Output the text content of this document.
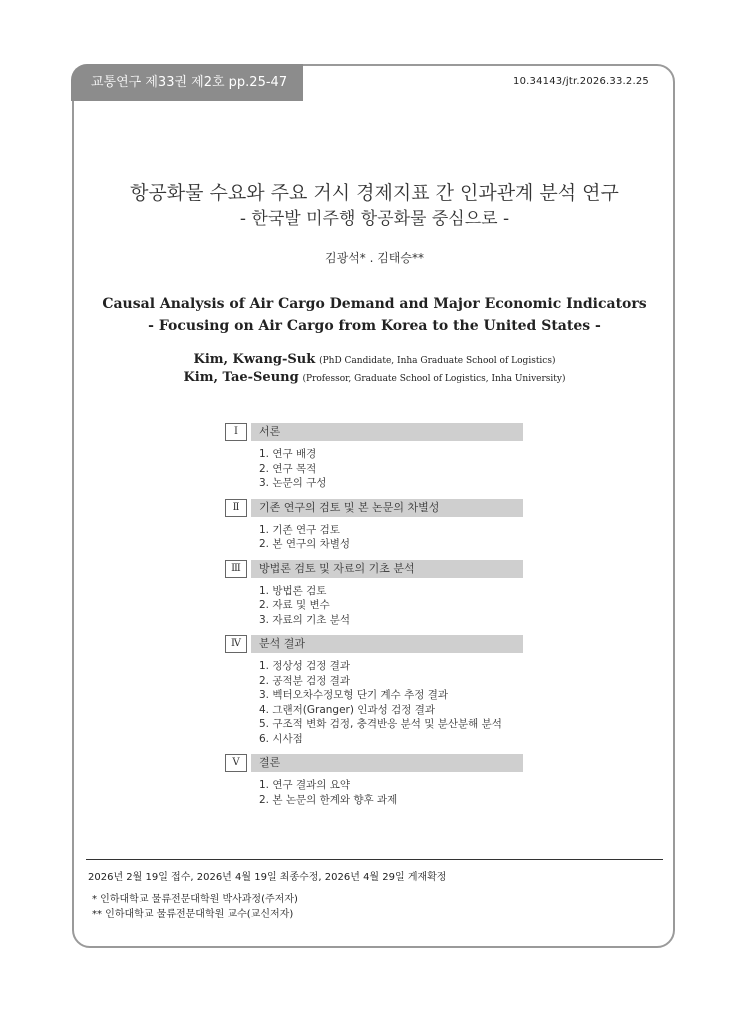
교통연구 제33권 제2호 pp.25-47	10.34143/jtr.2026.33.2.25
항공화물 수요와 주요 거시 경제지표 간 인과관계 분석 연구
- 한국발 미주행 항공화물 중심으로 -
김광석* . 김태승**
Causal Analysis of Air Cargo Demand and Major Economic Indicators
- Focusing on Air Cargo from Korea to the United States -
Kim, Kwang-Suk (PhD Candidate, Inha Graduate School of Logistics)
Kim, Tae-Seung (Professor, Graduate School of Logistics, Inha University)
Ⅰ	서론
1. 연구 배경
2. 연구 목적
3. 논문의 구성
Ⅱ	기존 연구의 검토 및 본 논문의 차별성
1. 기존 연구 검토
2. 본 연구의 차별성
Ⅲ	방법론 검토 및 자료의 기초 분석
1. 방법론 검토
2. 자료 및 변수
3. 자료의 기초 분석
Ⅳ	분석 결과
1. 정상성 검정 결과
2. 공적분 검정 결과
3. 벡터오차수정모형 단기 계수 추정 결과
4. 그랜저(Granger) 인과성 검정 결과
5. 구조적 변화 검정, 충격반응 분석 및 분산분해 분석
6. 시사점
Ⅴ	결론
1. 연구 결과의 요약
2. 본 논문의 한계와 향후 과제
2026년 2월 19일 접수, 2026년 4월 19일 최종수정, 2026년 4월 29일 게재확정
* 인하대학교 물류전문대학원 박사과정(주저자)
** 인하대학교 물류전문대학원 교수(교신저자)
